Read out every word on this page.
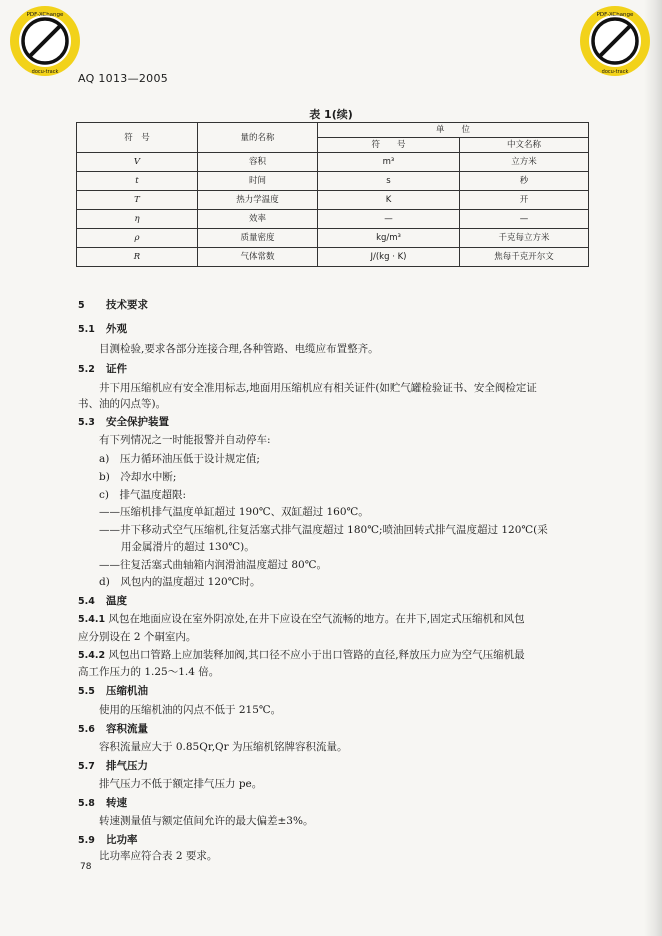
PDF-XChange
docu-track
PDF-XChange
docu-track
AQ 1013—2005
表 1(续)
符　号	量的名称	单　　位	
		符　　号	中文名称
V	容积	m³	立方米
t	时间	s	秒
T	热力学温度	K	开
η	效率	—	—
ρ	质量密度	kg/m³	千克每立方米
R	气体常数	J/(kg · K)	焦每千克开尔文
5 技术要求
5.1 外观
目测检验,要求各部分连接合理,各种管路、电缆应布置整齐。
5.2 证件
井下用压缩机应有安全准用标志,地面用压缩机应有相关证件(如贮气罐检验证书、安全阀检定证
书、油的闪点等)。
5.3 安全保护装置
有下列情况之一时能报警并自动停车:
a)　压力循环油压低于设计规定值;
b)　冷却水中断;
c)　排气温度超限:
——压缩机排气温度单缸超过 190℃、双缸超过 160℃。
——井下移动式空气压缩机,往复活塞式排气温度超过 180℃;喷油回转式排气温度超过 120℃(采
用金属滑片的超过 130℃)。
——往复活塞式曲轴箱内润滑油温度超过 80℃。
d)　风包内的温度超过 120℃时。
5.4 温度
5.4.1 风包在地面应设在室外阴凉处,在井下应设在空气流畅的地方。在井下,固定式压缩机和风包
应分别设在 2 个硐室内。
5.4.2 风包出口管路上应加装释加阀,其口径不应小于出口管路的直径,释放压力应为空气压缩机最
高工作压力的 1.25～1.4 倍。
5.5 压缩机油
使用的压缩机油的闪点不低于 215℃。
5.6 容积流量
容积流量应大于 0.85Qr,Qr 为压缩机铭牌容积流量。
5.7 排气压力
排气压力不低于额定排气压力 pe。
5.8 转速
转速测量值与额定值间允许的最大偏差±3%。
5.9 比功率
比功率应符合表 2 要求。
78
